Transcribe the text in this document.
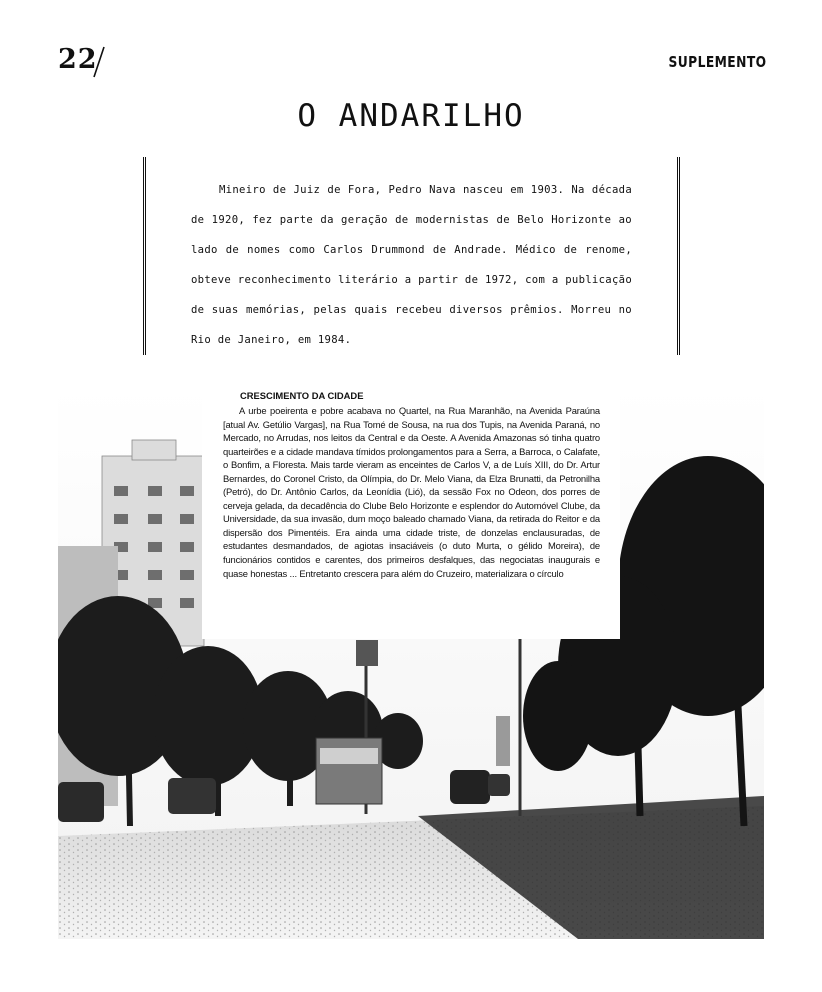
22	SUPLEMENTO
O ANDARILHO
Mineiro de Juiz de Fora, Pedro Nava nasceu em 1903. Na década de 1920, fez parte da geração de modernistas de Belo Horizonte ao lado de nomes como Carlos Drummond de Andrade. Médico de renome, obteve reconhecimento literário a partir de 1972, com a publicação de suas memórias, pelas quais recebeu diversos prêmios. Morreu no Rio de Janeiro, em 1984.
CRESCIMENTO DA CIDADE
A urbe poeirenta e pobre acabava no Quartel, na Rua Maranhão, na Avenida Paraúna [atual Av. Getúlio Vargas], na Rua Tomé de Sousa, na rua dos Tupis, na Avenida Paraná, no Mercado, no Arrudas, nos leitos da Central e da Oeste. A Avenida Amazonas só tinha quatro quarteirões e a cidade mandava tímidos prolongamentos para a Serra, a Barroca, o Calafate, o Bonfim, a Floresta. Mais tarde vieram as enceintes de Carlos V, a de Luís XIII, do Dr. Artur Bernardes, do Coronel Cristo, da Olímpia, do Dr. Melo Viana, da Elza Brunatti, da Petronilha (Petró), do Dr. Antônio Carlos, da Leonídia (Lió), da sessão Fox no Odeon, dos porres de cerveja gelada, da decadência do Clube Belo Horizonte e esplendor do Automóvel Clube, da Universidade, da sua invasão, dum moço baleado chamado Viana, da retirada do Reitor e da dispersão dos Pimentéis. Era ainda uma cidade triste, de donzelas enclausuradas, de estudantes desmandados, de agiotas insaciáveis (o duto Murta, o gélido Moreira), de funcionários contidos e carentes, dos primeiros desfalques, das negociatas inaugurais e quase honestas ... Entretanto crescera para além do Cruzeiro, materializara o círculo
